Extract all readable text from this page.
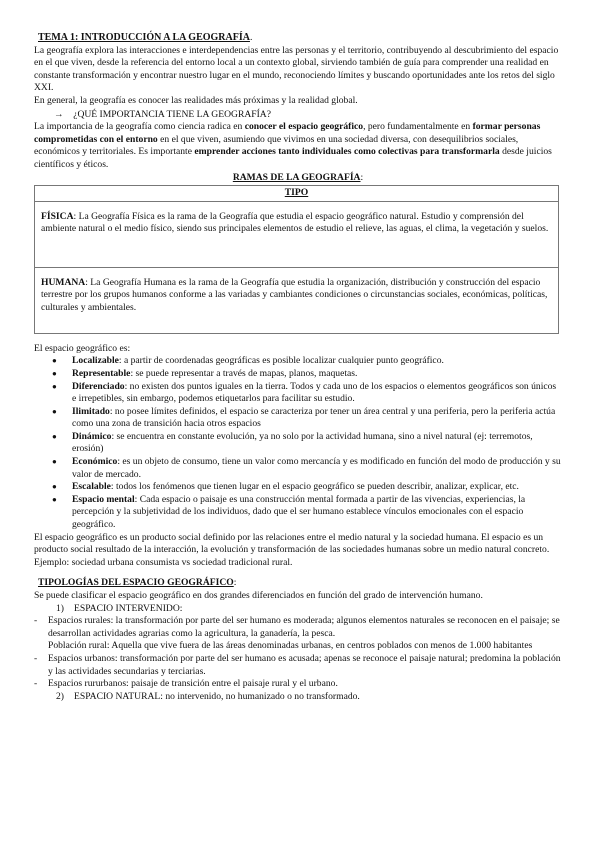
TEMA 1: INTRODUCCIÓN A LA GEOGRAFÍA.

La geografía explora las interacciones e interdependencias entre las personas y el territorio, contribuyendo al descubrimiento del espacio en el que viven, desde la referencia del entorno local a un contexto global, sirviendo también de guía para comprender una realidad en constante transformación y encontrar nuestro lugar en el mundo, reconociendo límites y buscando oportunidades ante los retos del siglo XXI.

En general, la geografía es conocer las realidades más próximas y la realidad global.

→ ¿QUÉ IMPORTANCIA TIENE LA GEOGRAFÍA?

La importancia de la geografía como ciencia radica en conocer el espacio geográfico, pero fundamentalmente en formar personas comprometidas con el entorno en el que viven, asumiendo que vivimos en una sociedad diversa, con desequilibrios sociales, económicos y territoriales. Es importante emprender acciones tanto individuales como colectivas para transformarla desde juicios científicos y éticos.

RAMAS DE LA GEOGRAFÍA:

TIPO

FÍSICA: La Geografía Física es la rama de la Geografía que estudia el espacio geográfico natural. Estudio y comprensión del ambiente natural o el medio físico, siendo sus principales elementos de estudio el relieve, las aguas, el clima, la vegetación y suelos.

HUMANA: La Geografía Humana es la rama de la Geografía que estudia la organización, distribución y construcción del espacio terrestre por los grupos humanos conforme a las variadas y cambiantes condiciones o circunstancias sociales, económicas, políticas, culturales y ambientales.

El espacio geográfico es:

● Localizable: a partir de coordenadas geográficas es posible localizar cualquier punto geográfico.
● Representable: se puede representar a través de mapas, planos, maquetas.
● Diferenciado: no existen dos puntos iguales en la tierra. Todos y cada uno de los espacios o elementos geográficos son únicos e irrepetibles, sin embargo, podemos etiquetarlos para facilitar su estudio.
● Ilimitado: no posee límites definidos, el espacio se caracteriza por tener un área central y una periferia, pero la periferia actúa como una zona de transición hacia otros espacios
● Dinámico: se encuentra en constante evolución, ya no solo por la actividad humana, sino a nivel natural (ej: terremotos, erosión)
● Económico: es un objeto de consumo, tiene un valor como mercancía y es modificado en función del modo de producción y su valor de mercado.
● Escalable: todos los fenómenos que tienen lugar en el espacio geográfico se pueden describir, analizar, explicar, etc.
● Espacio mental: Cada espacio o paisaje es una construcción mental formada a partir de las vivencias, experiencias, la percepción y la subjetividad de los individuos, dado que el ser humano establece vínculos emocionales con el espacio geográfico.

El espacio geográfico es un producto social definido por las relaciones entre el medio natural y la sociedad humana. El espacio es un producto social resultado de la interacción, la evolución y transformación de las sociedades humanas sobre un medio natural concreto. Ejemplo: sociedad urbana consumista vs sociedad tradicional rural.

TIPOLOGÍAS DEL ESPACIO GEOGRÁFICO:

Se puede clasificar el espacio geográfico en dos grandes diferenciados en función del grado de intervención humano.

1) ESPACIO INTERVENIDO:

- Espacios rurales: la transformación por parte del ser humano es moderada; algunos elementos naturales se reconocen en el paisaje; se desarrollan actividades agrarias como la agricultura, la ganadería, la pesca.

Población rural: Aquella que vive fuera de las áreas denominadas urbanas, en centros poblados con menos de 1.000 habitantes

- Espacios urbanos: transformación por parte del ser humano es acusada; apenas se reconoce el paisaje natural; predomina la población y las actividades secundarias y terciarias.

- Espacios rururbanos: paisaje de transición entre el paisaje rural y el urbano.

2) ESPACIO NATURAL: no intervenido, no humanizado o no transformado.
